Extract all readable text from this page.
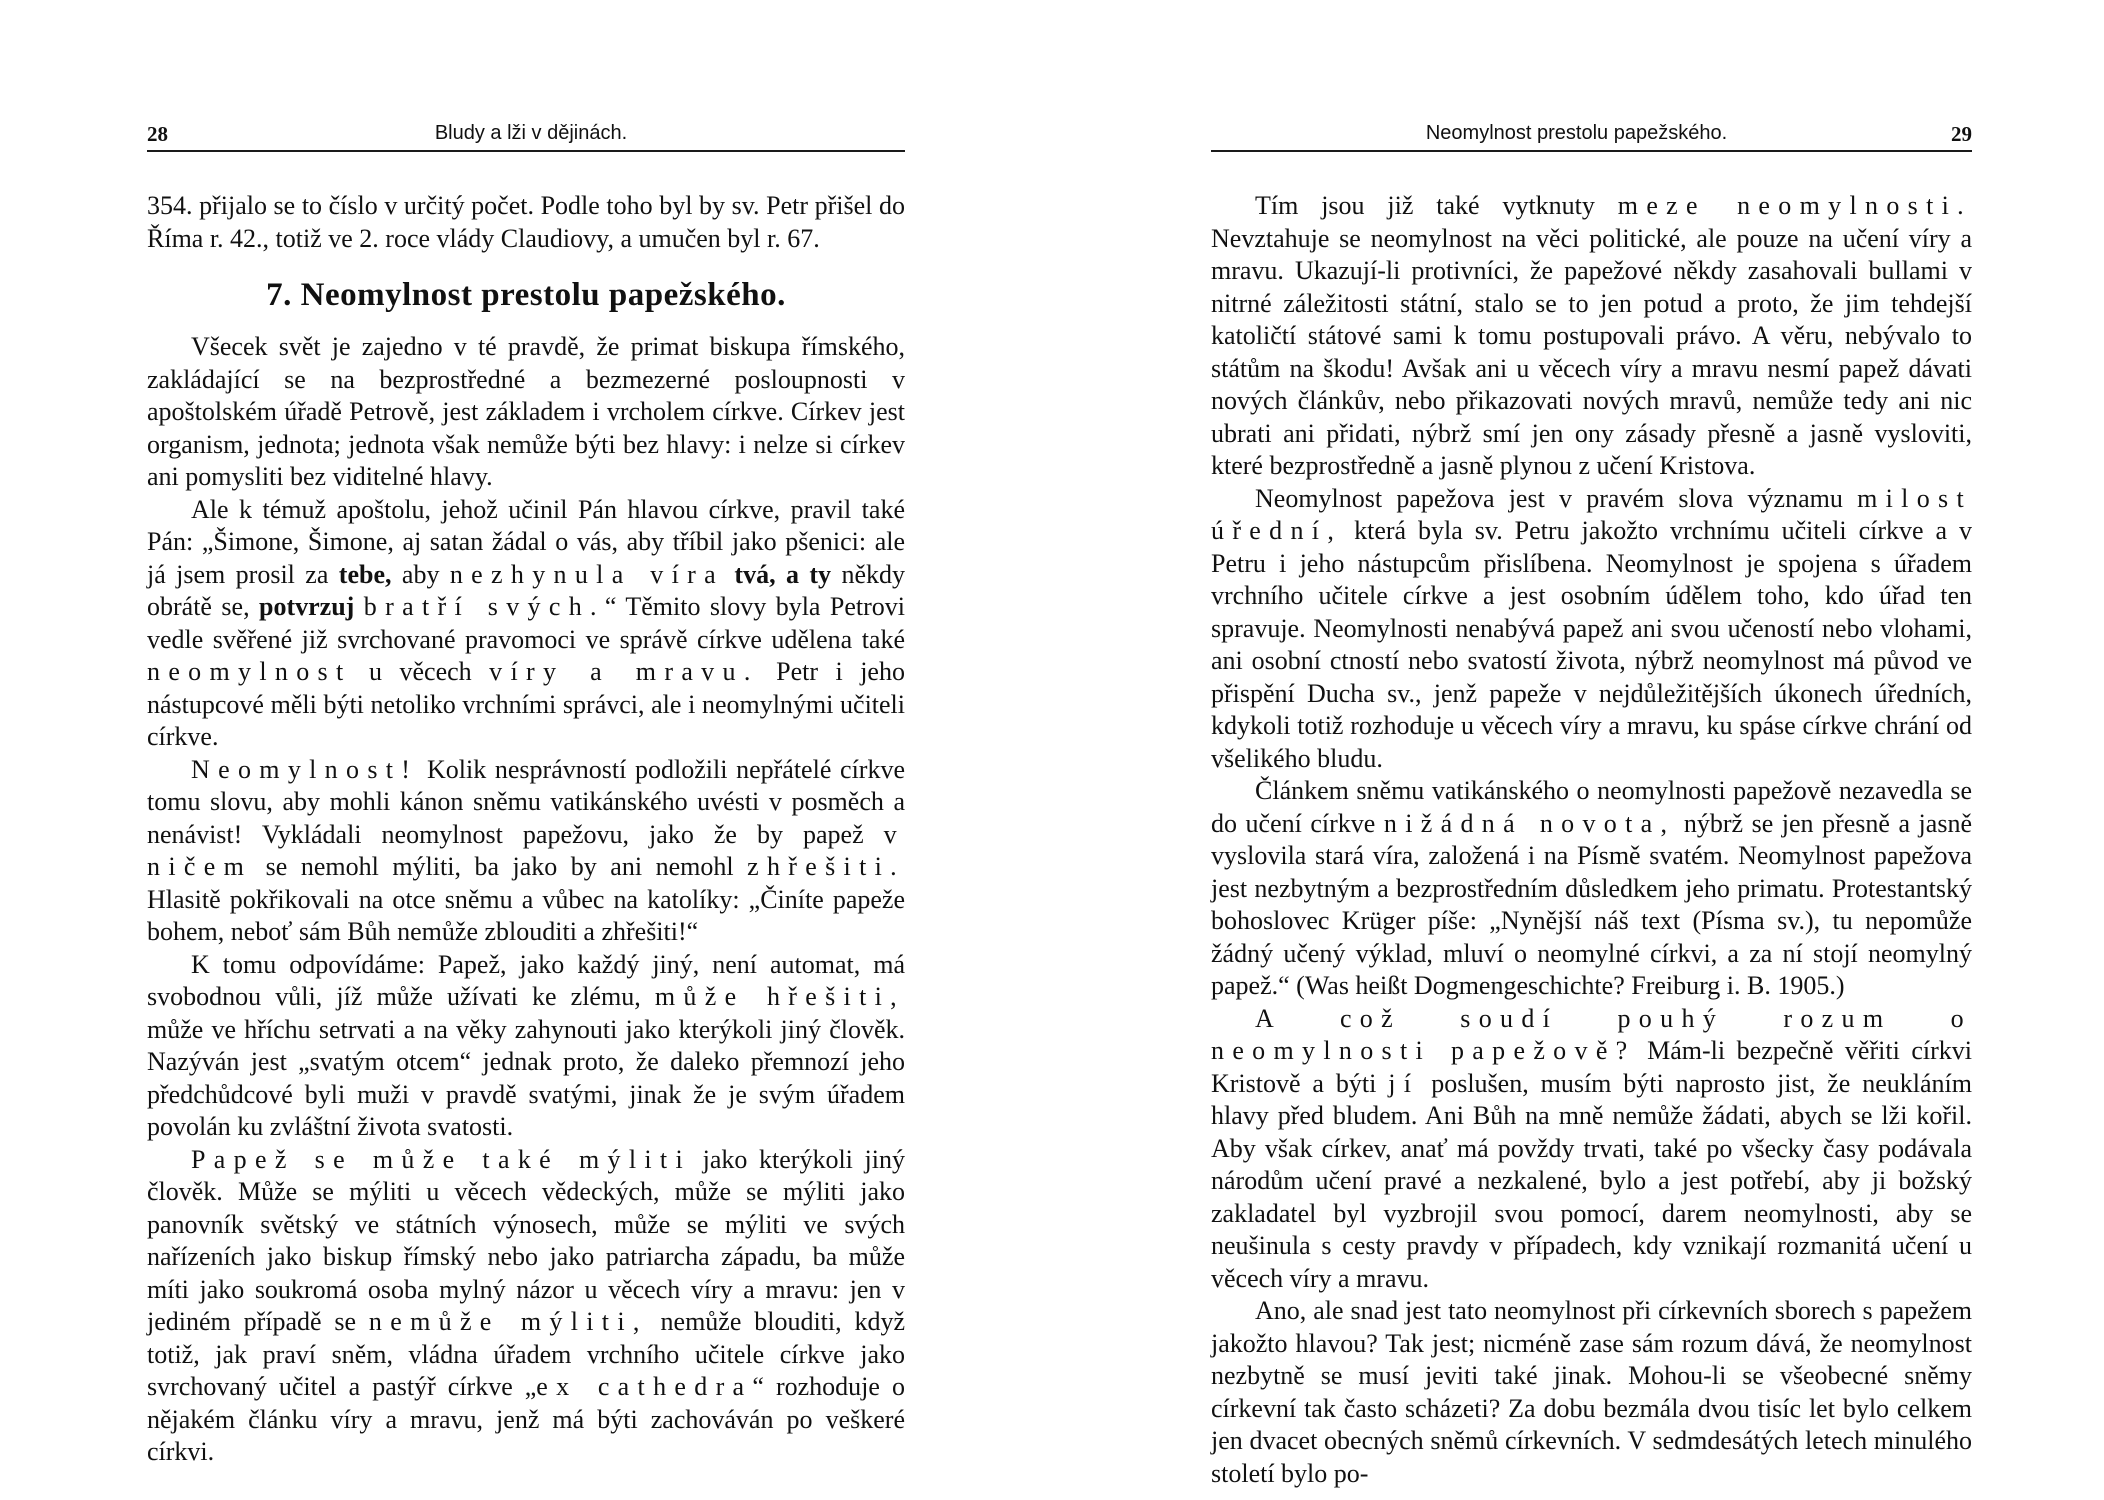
28	Bludy a lži v dějinách.

354. přijalo se to číslo v určitý počet. Podle toho byl by sv. Petr přišel do Říma r. 42., totiž ve 2. roce vlády Claudiovy, a umučen byl r. 67.

7. Neomylnost prestolu papežského.

Všecek svět je zajedno v té pravdě, že primat biskupa římského, zakládající se na bezprostředné a bezmezerné posloupnosti v apoštolském úřadě Petrově, jest základem i vrcholem církve. Církev jest organism, jednota; jednota však nemůže býti bez hlavy: i nelze si církev ani pomysliti bez viditelné hlavy.

Ale k témuž apoštolu, jehož učinil Pán hlavou církve, pravil také Pán: „Šimone, Šimone, aj satan žádal o vás, aby tříbil jako pšenici: ale já jsem prosil za tebe, aby nezhynula víra tvá, a ty někdy obrátě se, potvrzuj bratří svých.“ Těmito slovy byla Petrovi vedle svěřené již svrchované pravomoci ve správě církve udělena také neomylnost u věcech víry a mravu. Petr i jeho nástupcové měli býti netoliko vrchními správci, ale i neomylnými učiteli církve.

Neomylnost! Kolik nesprávností podložili nepřátelé církve tomu slovu, aby mohli kánon sněmu vatikánského uvésti v posměch a nenávist! Vykládali neomylnost papežovu, jako že by papež v ničem se nemohl mýliti, ba jako by ani nemohl zhřešiti. Hlasitě pokřikovali na otce sněmu a vůbec na katolíky: „Činíte papeže bohem, neboť sám Bůh nemůže zblouditi a zhřešiti!“

K tomu odpovídáme: Papež, jako každý jiný, není automat, má svobodnou vůli, jíž může užívati ke zlému, může hřešiti, může ve hříchu setrvati a na věky zahynouti jako kterýkoli jiný člověk. Nazýván jest „svatým otcem“ jednak proto, že daleko přemnozí jeho předchůdcové byli muži v pravdě svatými, jinak že je svým úřadem povolán ku zvláštní života svatosti.

Papež se může také mýliti jako kterýkoli jiný člověk. Může se mýliti u věcech vědeckých, může se mýliti jako panovník světský ve státních výnosech, může se mýliti ve svých nařízeních jako biskup římský nebo jako patriarcha západu, ba může míti jako soukromá osoba mylný názor u věcech víry a mravu: jen v jediném případě se nemůže mýliti, nemůže blouditi, když totiž, jak praví sněm, vládna úřadem vrchního učitele církve jako svrchovaný učitel a pastýř církve „ex cathedra“ rozhoduje o nějakém článku víry a mravu, jenž má býti zachováván po veškeré církvi.

Neomylnost prestolu papežského.	29

Tím jsou již také vytknuty meze neomylnosti. Nevztahuje se neomylnost na věci politické, ale pouze na učení víry a mravu. Ukazují-li protivníci, že papežové někdy zasahovali bullami v nitrné záležitosti státní, stalo se to jen potud a proto, že jim tehdejší katoličtí státové sami k tomu postupovali právo. A věru, nebývalo to státům na škodu! Avšak ani u věcech víry a mravu nesmí papež dávati nových článkův, nebo přikazovati nových mravů, nemůže tedy ani nic ubrati ani přidati, nýbrž smí jen ony zásady přesně a jasně vysloviti, které bezprostředně a jasně plynou z učení Kristova.

Neomylnost papežova jest v pravém slova významu milost úřední, která byla sv. Petru jakožto vrchnímu učiteli církve a v Petru i jeho nástupcům přislíbena. Neomylnost je spojena s úřadem vrchního učitele církve a jest osobním údělem toho, kdo úřad ten spravuje. Neomylnosti nenabývá papež ani svou učeností nebo vlohami, ani osobní ctností nebo svatostí života, nýbrž neomylnost má původ ve přispění Ducha sv., jenž papeže v nejdůležitějších úkonech úředních, kdykoli totiž rozhoduje u věcech víry a mravu, ku spáse církve chrání od všelikého bludu.

Článkem sněmu vatikánského o neomylnosti papežově nezavedla se do učení církve nižádná novota, nýbrž se jen přesně a jasně vyslovila stará víra, založená i na Písmě svatém. Neomylnost papežova jest nezbytným a bezprostředním důsledkem jeho primatu. Protestantský bohoslovec Krüger píše: „Nynější náš text (Písma sv.), tu nepomůže žádný učený výklad, mluví o neomylné církvi, a za ní stojí neomylný papež.“ (Was heißt Dogmengeschichte? Freiburg i. B. 1905.)

A což soudí pouhý rozum o neomylnosti papežově? Mám-li bezpečně věřiti církvi Kristově a býti jí poslušen, musím býti naprosto jist, že neukláním hlavy před bludem. Ani Bůh na mně nemůže žádati, abych se lži kořil. Aby však církev, anať má povždy trvati, také po všecky časy podávala národům učení pravé a nezkalené, bylo a jest potřebí, aby ji božský zakladatel byl vyzbrojil svou pomocí, darem neomylnosti, aby se neušinula s cesty pravdy v případech, kdy vznikají rozmanitá učení u věcech víry a mravu.

Ano, ale snad jest tato neomylnost při církevních sborech s papežem jakožto hlavou? Tak jest; nicméně zase sám rozum dává, že neomylnost nezbytně se musí jeviti také jinak. Mohou-li se všeobecné sněmy církevní tak často scházeti? Za dobu bezmála dvou tisíc let bylo celkem jen dvacet obecných sněmů církevních. V sedmdesátých letech minulého století bylo po-
